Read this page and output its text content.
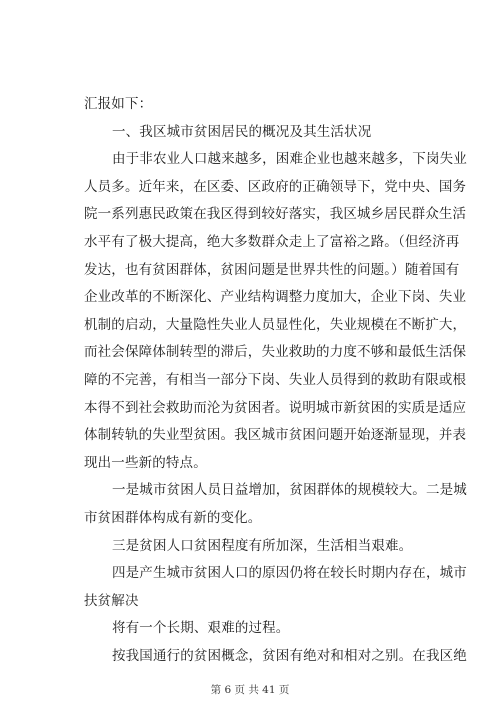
汇报如下：
一、我区城市贫困居民的概况及其生活状况
由于非农业人口越来越多，困难企业也越来越多，下岗失业
人员多。近年来，在区委、区政府的正确领导下，党中央、国务
院一系列惠民政策在我区得到较好落实，我区城乡居民群众生活
水平有了极大提高，绝大多数群众走上了富裕之路。（但经济再
发达，也有贫困群体，贫困问题是世界共性的问题。）随着国有
企业改革的不断深化、产业结构调整力度加大，企业下岗、失业
机制的启动，大量隐性失业人员显性化，失业规模在不断扩大，
而社会保障体制转型的滞后，失业救助的力度不够和最低生活保
障的不完善，有相当一部分下岗、失业人员得到的救助有限或根
本得不到社会救助而沦为贫困者。说明城市新贫困的实质是适应
体制转轨的失业型贫困。我区城市贫困问题开始逐渐显现，并表
现出一些新的特点。
一是城市贫困人员日益增加，贫困群体的规模较大。二是城
市贫困群体构成有新的变化。
三是贫困人口贫困程度有所加深，生活相当艰难。
四是产生城市贫困人口的原因仍将在较长时期内存在，城市
扶贫解决
将有一个长期、艰难的过程。
按我国通行的贫困概念，贫困有绝对和相对之别。在我区绝
第 6 页 共 41 页
